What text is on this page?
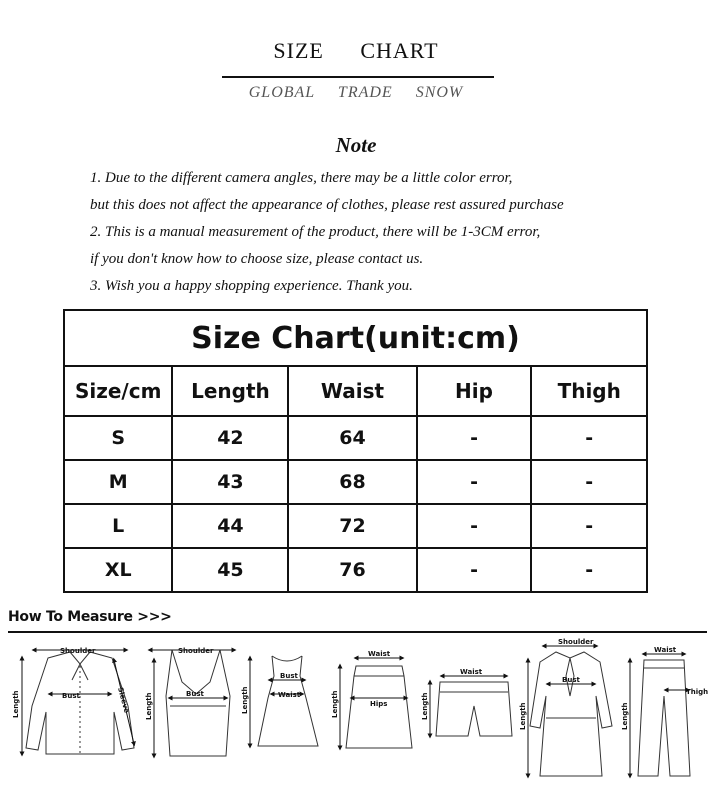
SIZE CHART
GLOBAL TRADE SNOW
Note
1. Due to the different camera angles, there may be a little color error,
but this does not affect the appearance of clothes, please rest assured purchase
2. This is a manual measurement of the product, there will be 1-3CM error,
if you don't know how to choose size, please contact us.
3. Wish you a happy shopping experience. Thank you.
Size Chart(unit:cm)				
Size/cm	Length	Waist	Hip	Thigh
S	42	64	-	-
M	43	68	-	-
L	44	72	-	-
XL	45	76	-	-
How To Measure >>>
Shoulder
Bust
Length	Sleeve
Shoulder
Bust
Length
Bust
Waist
Length
Waist
Hips
Length
Waist
Length
Shoulder
Bust
Length
Waist
Thigh
Length
